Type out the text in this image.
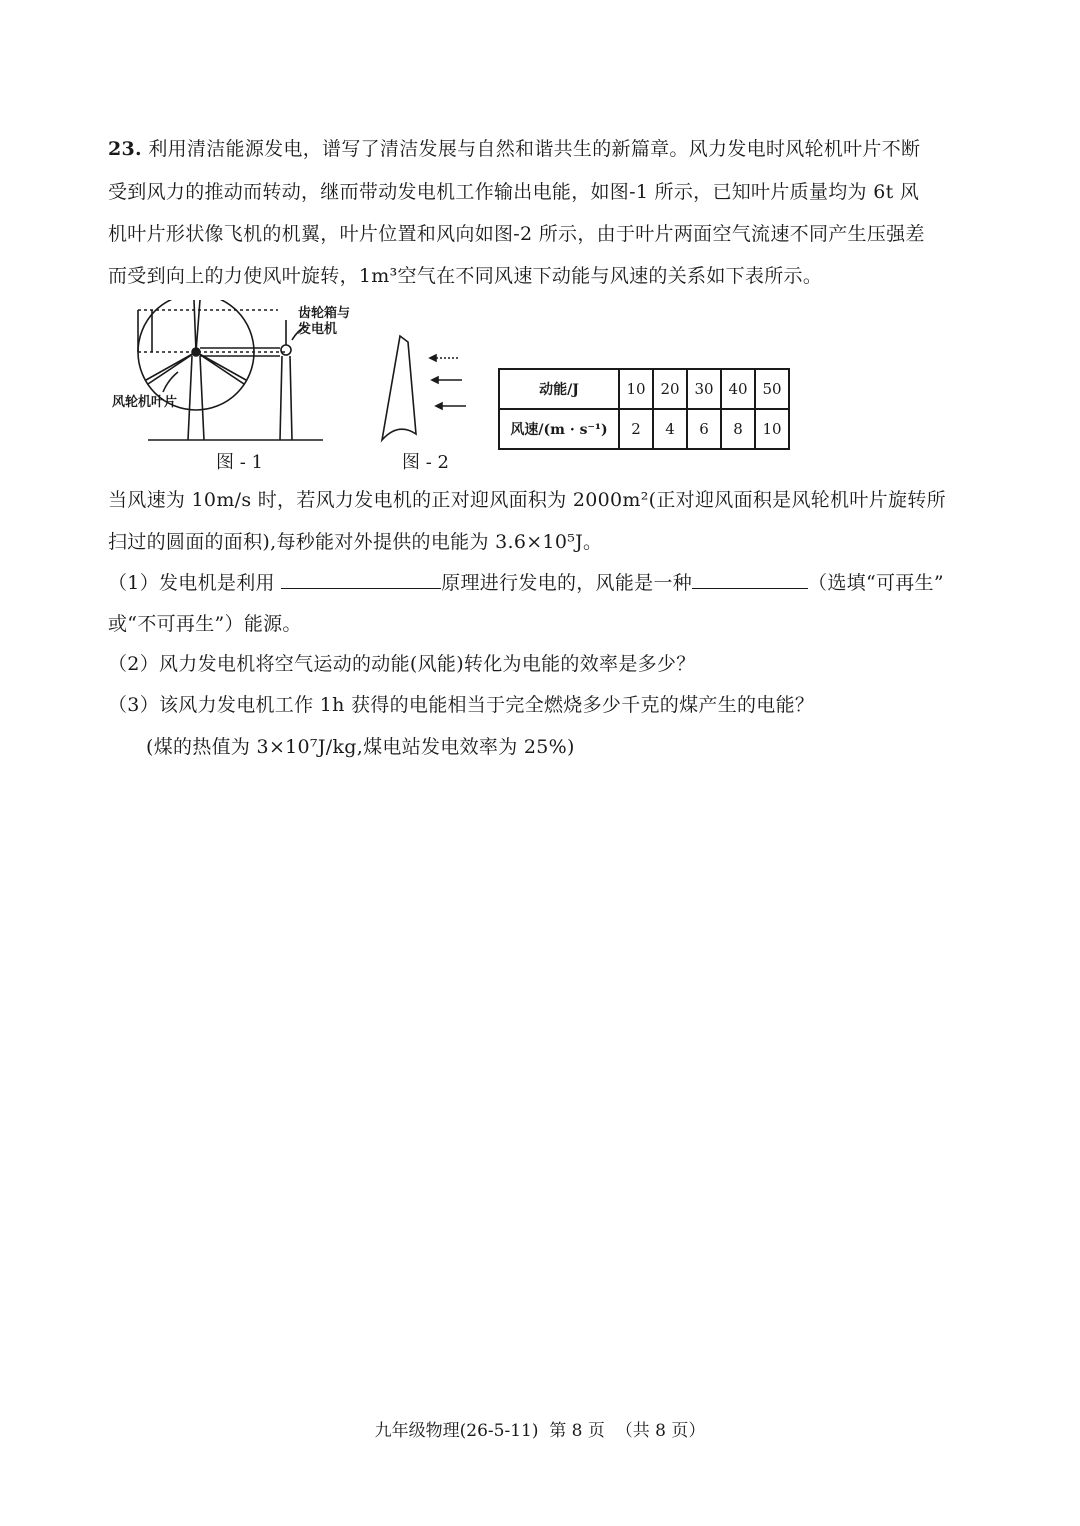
23. 利用清洁能源发电，谱写了清洁发展与自然和谐共生的新篇章。风力发电时风轮机叶片不断
受到风力的推动而转动，继而带动发电机工作输出电能，如图-1 所示，已知叶片质量均为 6t 风
机叶片形状像飞机的机翼，叶片位置和风向如图-2 所示，由于叶片两面空气流速不同产生压强差
而受到向上的力使风叶旋转，1m³空气在不同风速下动能与风速的关系如下表所示。
齿轮箱与
发电机
风轮机叶片
图 - 1	图 - 2
动能/J	10	20	30	40	50
风速/(m · s⁻¹)	2	4	6	8	10
当风速为 10m/s 时，若风力发电机的正对迎风面积为 2000m²(正对迎风面积是风轮机叶片旋转所
扫过的圆面的面积),每秒能对外提供的电能为 3.6×10⁵J。
（1）发电机是利用	原理进行发电的，风能是一种	（选填“可再生”
或“不可再生”）能源。
（2）风力发电机将空气运动的动能(风能)转化为电能的效率是多少？
（3）该风力发电机工作 1h 获得的电能相当于完全燃烧多少千克的煤产生的电能？
(煤的热值为 3×10⁷J/kg,煤电站发电效率为 25%)
九年级物理(26-5-11)  第 8 页  （共 8 页）
